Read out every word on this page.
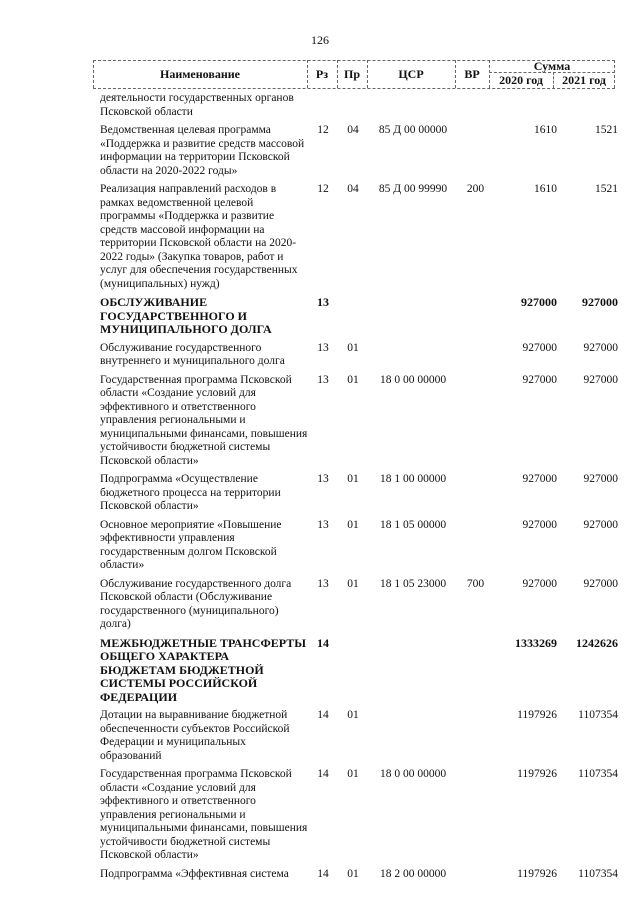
126
Наименование	Рз	Пр	ЦСР	ВР
Сумма
2020 год	2021 год
деятельности государственных органов Псковской области						
Ведомственная целевая программа «Поддержка и развитие средств массовой информации на территории Псковской области на 2020-2022 годы»	12	04	85 Д 00 00000		1610	1521
Реализация направлений расходов в рамках ведомственной целевой программы «Поддержка и развитие средств массовой информации на территории Псковской области на 2020-2022 годы» (Закупка товаров, работ и услуг для обеспечения государственных (муниципальных) нужд)	12	04	85 Д 00 99990	200	1610	1521
ОБСЛУЖИВАНИЕ ГОСУДАРСТВЕННОГО И МУНИЦИПАЛЬНОГО ДОЛГА	13				927000	927000
Обслуживание государственного внутреннего и муниципального долга	13	01			927000	927000
Государственная программа Псковской области «Создание условий для эффективного и ответственного управления региональными и муниципальными финансами, повышения устойчивости бюджетной системы Псковской области»	13	01	18 0 00 00000		927000	927000
Подпрограмма «Осуществление бюджетного процесса на территории Псковской области»	13	01	18 1 00 00000		927000	927000
Основное мероприятие «Повышение эффективности управления государственным долгом Псковской области»	13	01	18 1 05 00000		927000	927000
Обслуживание государственного долга Псковской области (Обслуживание государственного (муниципального) долга)	13	01	18 1 05 23000	700	927000	927000
МЕЖБЮДЖЕТНЫЕ ТРАНСФЕРТЫ ОБЩЕГО ХАРАКТЕРА БЮДЖЕТАМ БЮДЖЕТНОЙ СИСТЕМЫ РОССИЙСКОЙ ФЕДЕРАЦИИ	14				1333269	1242626
Дотации на выравнивание бюджетной обеспеченности субъектов Российской Федерации и муниципальных образований	14	01			1197926	1107354
Государственная программа Псковской области «Создание условий для эффективного и ответственного управления региональными и муниципальными финансами, повышения устойчивости бюджетной системы Псковской области»	14	01	18 0 00 00000		1197926	1107354
Подпрограмма «Эффективная система	14	01	18 2 00 00000		1197926	1107354
